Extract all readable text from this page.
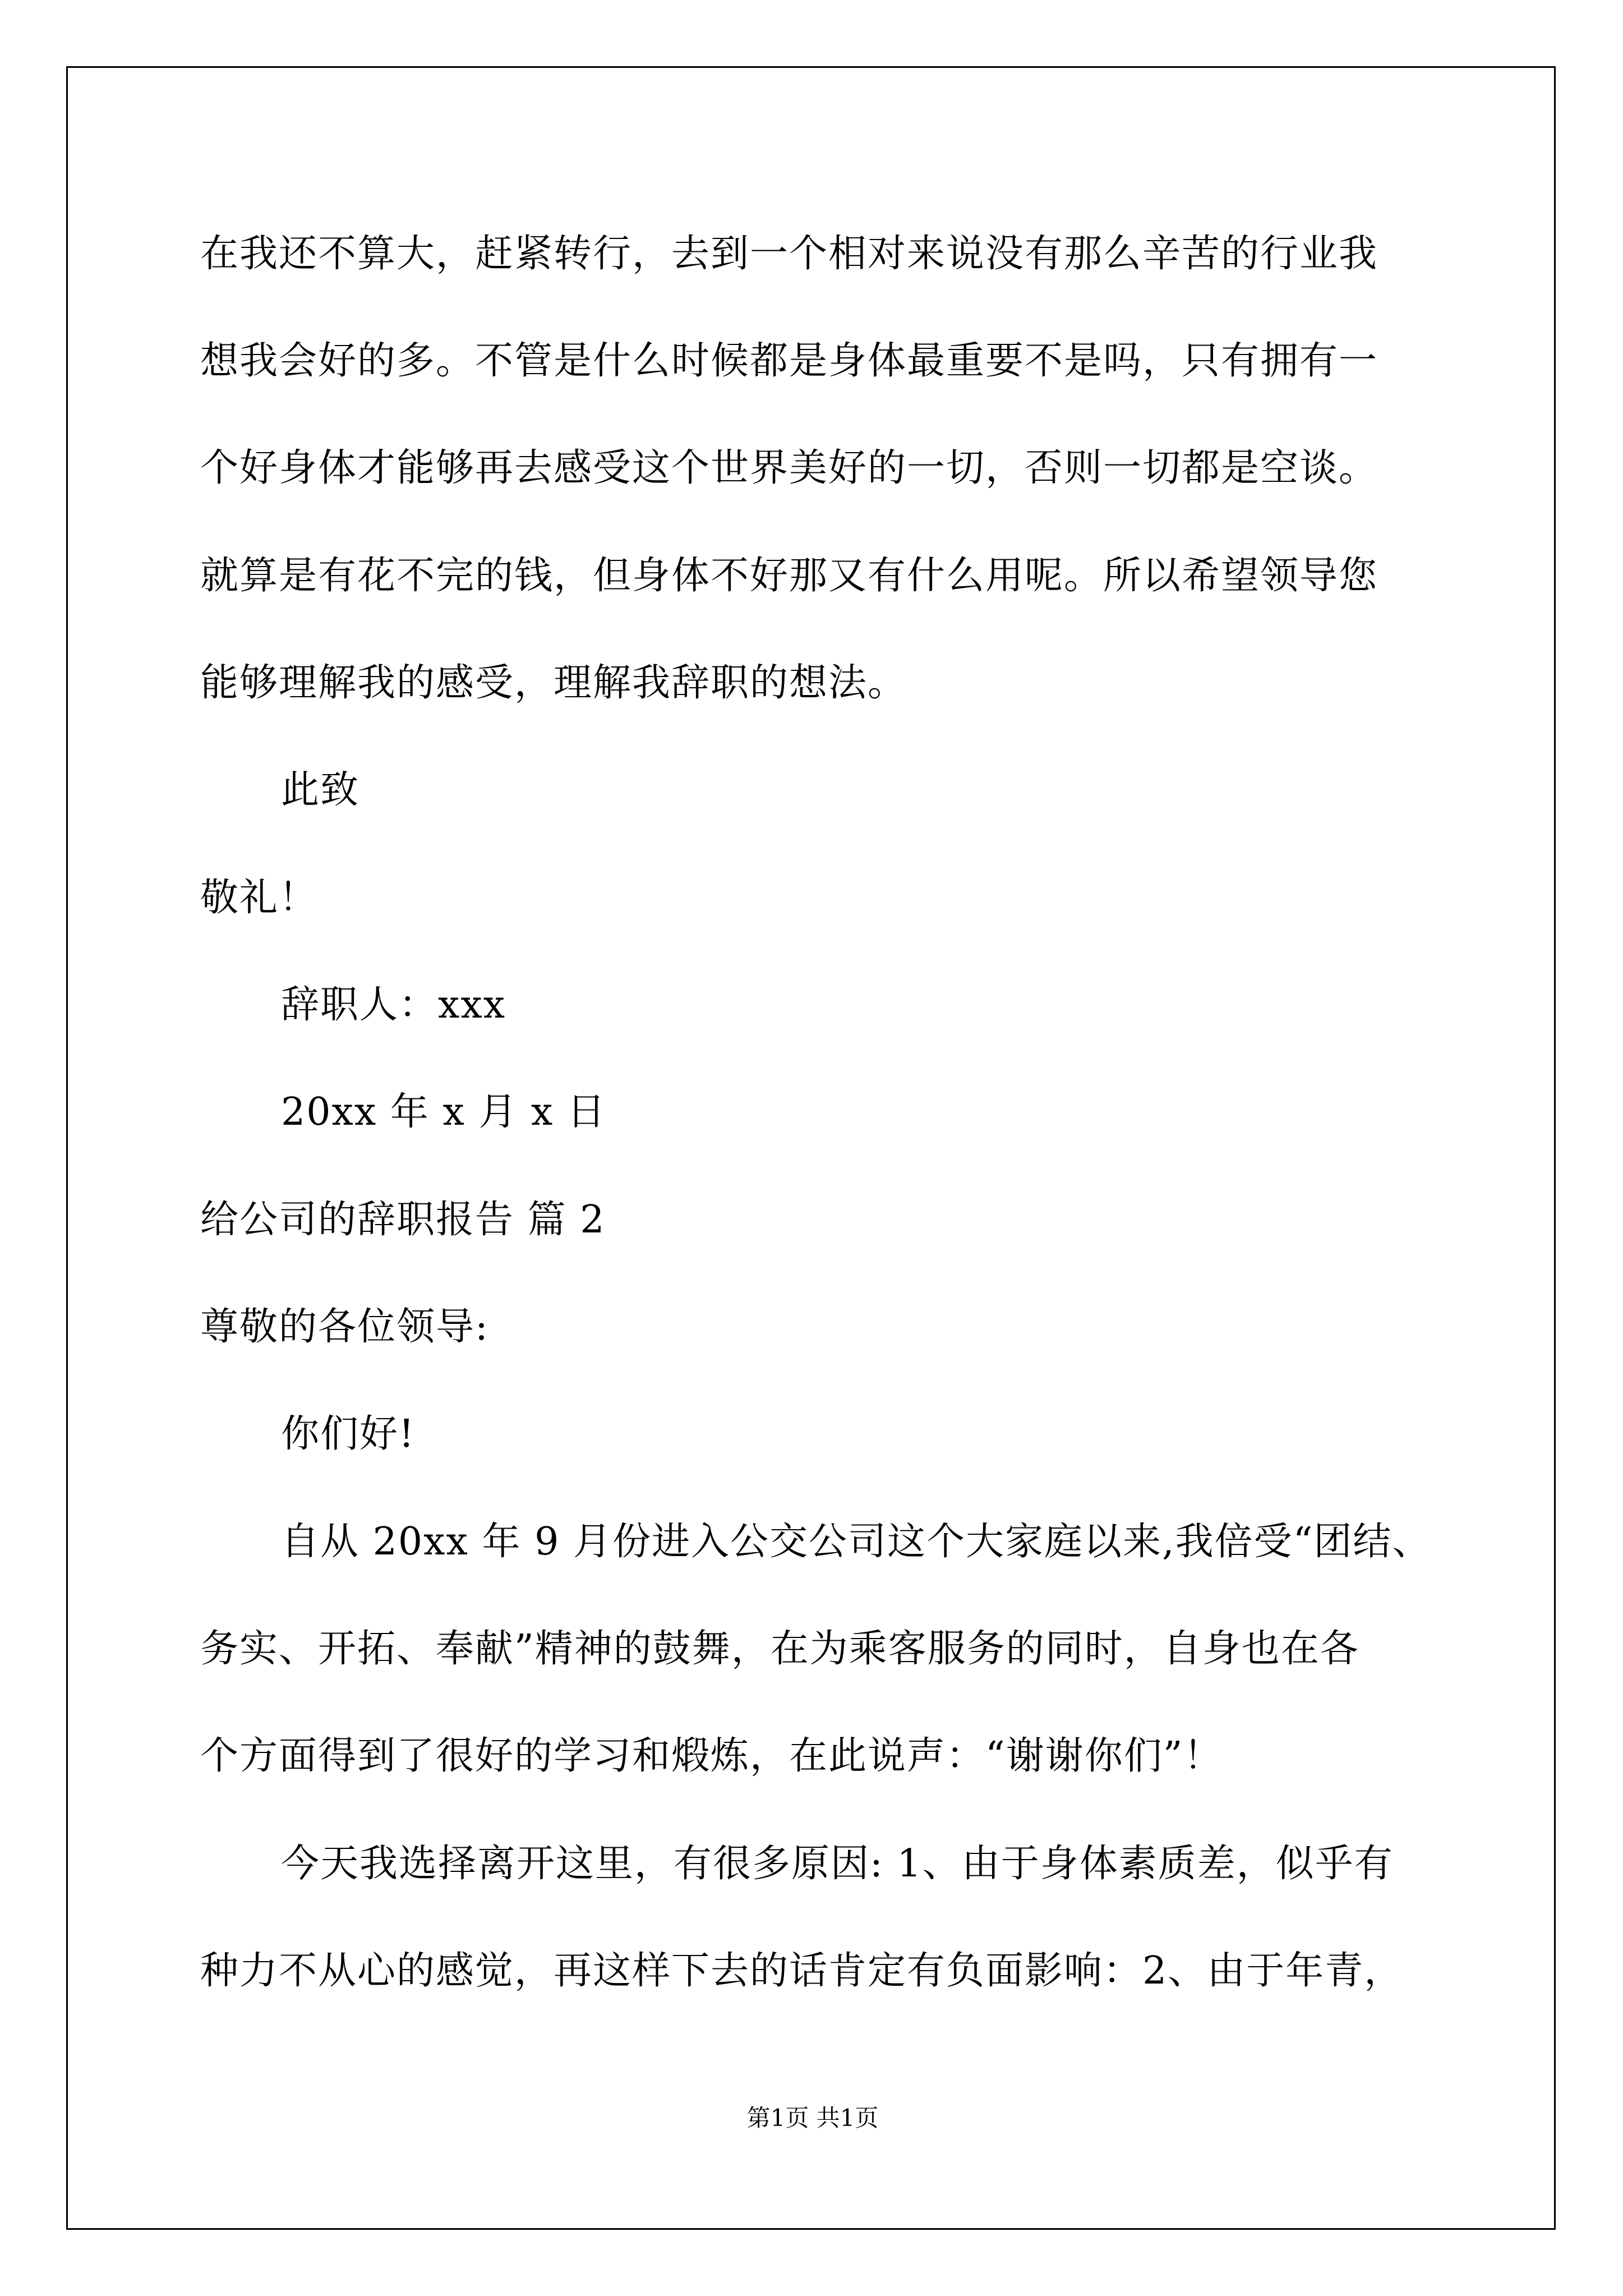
在我还不算大，赶紧转行，去到一个相对来说没有那么辛苦的行业我
想我会好的多。不管是什么时候都是身体最重要不是吗，只有拥有一
个好身体才能够再去感受这个世界美好的一切，否则一切都是空谈。
就算是有花不完的钱，但身体不好那又有什么用呢。所以希望领导您
能够理解我的感受，理解我辞职的想法。
此致
敬礼！
辞职人：xxx
20xx 年 x 月 x 日
给公司的辞职报告 篇 2
尊敬的各位领导:
你们好!
自从 20xx 年 9 月份进入公交公司这个大家庭以来,我倍受“团结、
务实、开拓、奉献”精神的鼓舞，在为乘客服务的同时，自身也在各
个方面得到了很好的学习和煅炼，在此说声：“谢谢你们”！
今天我选择离开这里，有很多原因: 1、由于身体素质差，似乎有
种力不从心的感觉，再这样下去的话肯定有负面影响：2、由于年青，
第1页 共1页
